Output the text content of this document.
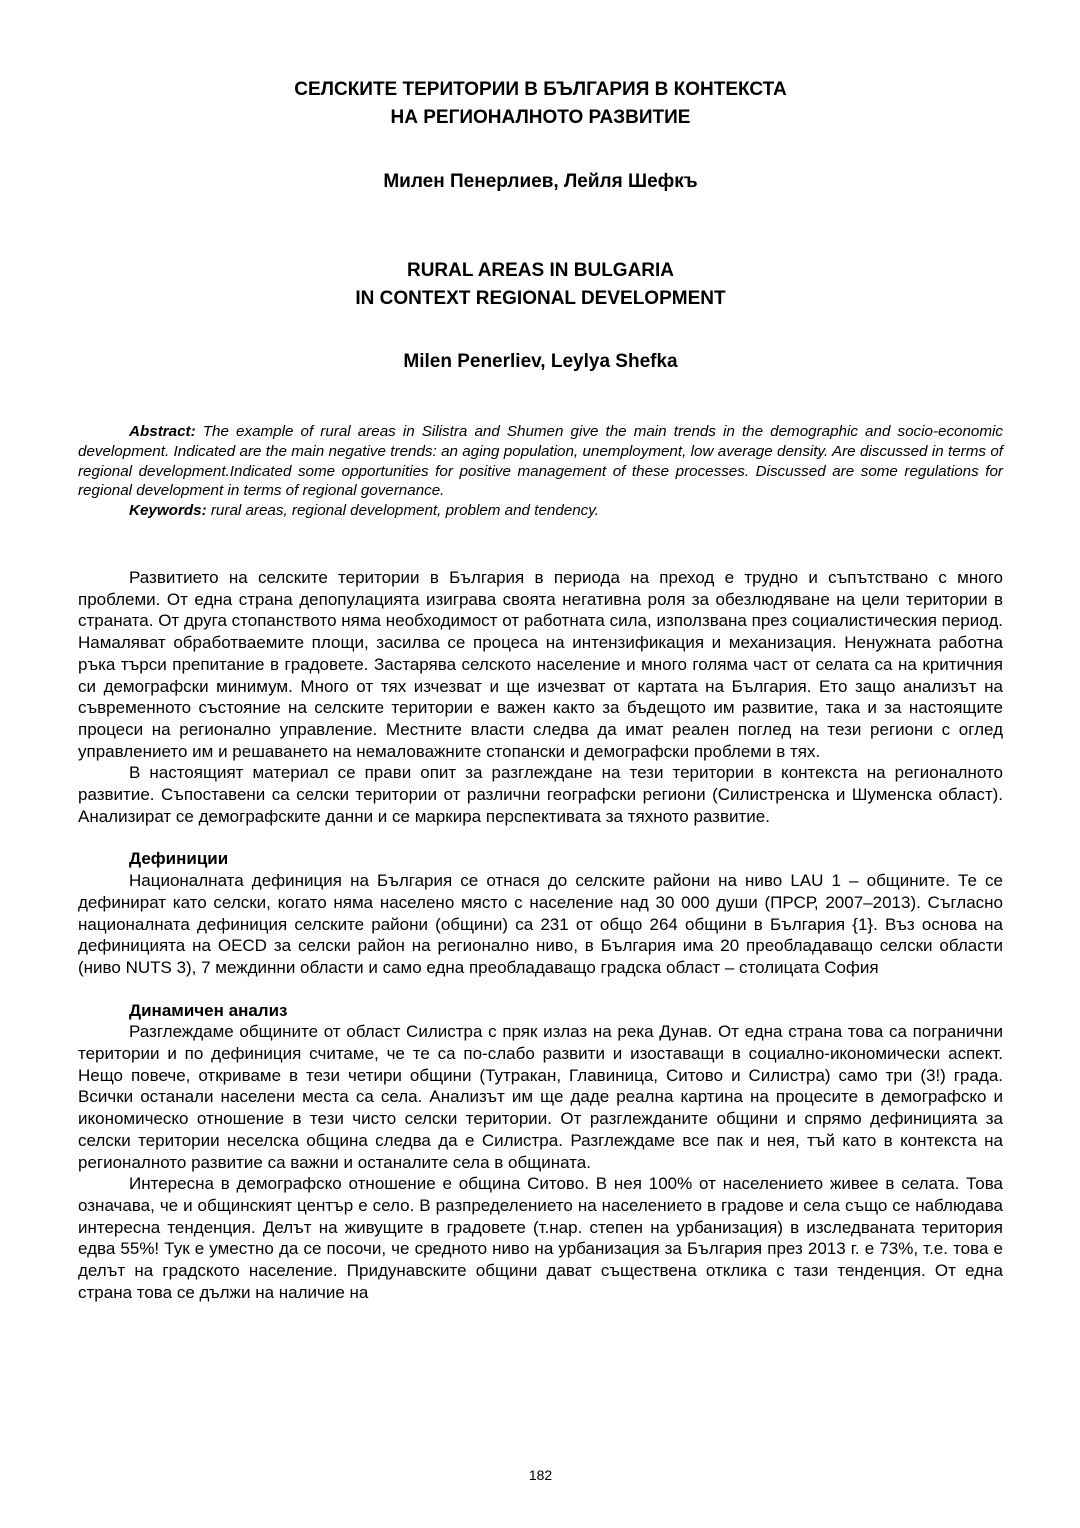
СЕЛСКИТЕ ТЕРИТОРИИ В БЪЛГАРИЯ В КОНТЕКСТА
НА РЕГИОНАЛНОТО РАЗВИТИЕ
Милен Пенерлиев, Лейля Шефкъ
RURAL AREAS IN BULGARIA
IN CONTEXT REGIONAL DEVELOPMENT
Milen Penerliev, Leylya Shefka

Abstract: The example of rural areas in Silistra and Shumen give the main trends in the demographic and socio-economic development. Indicated are the main negative trends: an aging population, unemployment, low average density. Are discussed in terms of regional development.Indicated some opportunities for positive management of these processes. Discussed are some regulations for regional development in terms of regional governance.

Keywords: rural areas, regional development, problem and tendency.

Развитието на селските територии в България в периода на преход е трудно и съпътствано с много проблеми. От една страна депопулацията изиграва своята негативна роля за обезлюдяване на цели територии в страната. От друга стопанството няма необходимост от работната сила, използвана през социалистическия период. Намаляват обработваемите площи, засилва се процеса на интензификация и механизация. Ненужната работна ръка търси препитание в градовете. Застарява селското население и много голяма част от селата са на критичния си демографски минимум. Много от тях изчезват и ще изчезват от картата на България. Ето защо анализът на съвременното състояние на селските територии е важен както за бъдещото им развитие, така и за настоящите процеси на регионално управление. Местните власти следва да имат реален поглед на тези региони с оглед управлението им и решаването на немаловажните стопански и демографски проблеми в тях.

В настоящият материал се прави опит за разглеждане на тези територии в контекста на регионалното развитие. Съпоставени са селски територии от различни географски региони (Силистренска и Шуменска област). Анализират се демографските данни и се маркира перспективата за тяхното развитие.

Дефиниции

Националната дефиниция на България се отнася до селските райони на ниво LAU 1 – общините. Те се дефинират като селски, когато няма населено място с население над 30 000 души (ПРСР, 2007–2013). Съгласно националната дефиниция селските райони (общини) са 231 от общо 264 общини в България {1}. Въз основа на дефиницията на OECD за селски район на регионално ниво, в България има 20 преобладаващо селски области (ниво NUTS 3), 7 междинни области и само една преобладаващо градска област – столицата София

Динамичен анализ

Разглеждаме общините от област Силистра с пряк излаз на река Дунав. От една страна това са погранични територии и по дефиниция считаме, че те са по-слабо развити и изоставащи в социално-икономически аспект. Нещо повече, откриваме в тези четири общини (Тутракан, Главиница, Ситово и Силистра) само три (3!) града. Всички останали населени места са села. Анализът им ще даде реална картина на процесите в демографско и икономическо отношение в тези чисто селски територии. От разглежданите общини и спрямо дефиницията за селски територии неселска община следва да е Силистра. Разглеждаме все пак и нея, тъй като в контекста на регионалното развитие са важни и останалите села в общината.

Интересна в демографско отношение е община Ситово. В нея 100% от населението живее в селата. Това означава, че и общинският център е село. В разпределението на населението в градове и села също се наблюдава интересна тенденция. Делът на живущите в градовете (т.нар. степен на урбанизация) в изследваната територия едва 55%! Тук е уместно да се посочи, че средното ниво на урбанизация за България през 2013 г. е 73%, т.е. това е делът на градското население. Придунавските общини дават съществена отклика с тази тенденция. От една страна това се дължи на наличие на

182
